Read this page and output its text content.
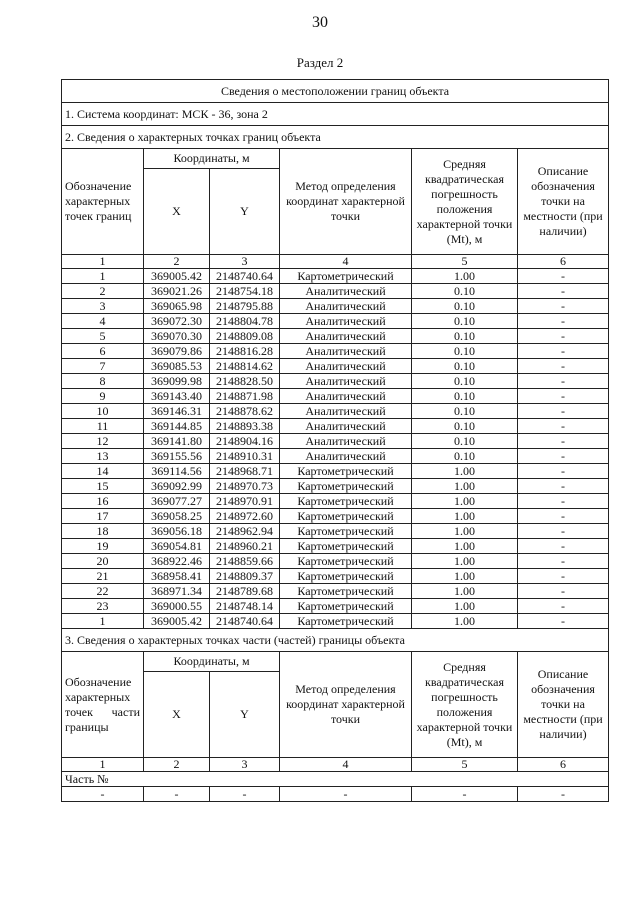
30
Раздел 2
Сведения о местоположении границ объекта					
1. Система координат: МСК - 36, зона 2					
2. Сведения о характерных точках границ объекта					
Обозначение характерных точек границ	Координаты, м		Метод определения координат характерной точки	Средняя квадратическая погрешность положения характерной точки (Mt), м	Описание обозначения точки на местности (при наличии)
	X	Y			
1	2	3	4	5	6
1	369005.42	2148740.64	Картометрический	1.00	-
2	369021.26	2148754.18	Аналитический	0.10	-
3	369065.98	2148795.88	Аналитический	0.10	-
4	369072.30	2148804.78	Аналитический	0.10	-
5	369070.30	2148809.08	Аналитический	0.10	-
6	369079.86	2148816.28	Аналитический	0.10	-
7	369085.53	2148814.62	Аналитический	0.10	-
8	369099.98	2148828.50	Аналитический	0.10	-
9	369143.40	2148871.98	Аналитический	0.10	-
10	369146.31	2148878.62	Аналитический	0.10	-
11	369144.85	2148893.38	Аналитический	0.10	-
12	369141.80	2148904.16	Аналитический	0.10	-
13	369155.56	2148910.31	Аналитический	0.10	-
14	369114.56	2148968.71	Картометрический	1.00	-
15	369092.99	2148970.73	Картометрический	1.00	-
16	369077.27	2148970.91	Картометрический	1.00	-
17	369058.25	2148972.60	Картометрический	1.00	-
18	369056.18	2148962.94	Картометрический	1.00	-
19	369054.81	2148960.21	Картометрический	1.00	-
20	368922.46	2148859.66	Картометрический	1.00	-
21	368958.41	2148809.37	Картометрический	1.00	-
22	368971.34	2148789.68	Картометрический	1.00	-
23	369000.55	2148748.14	Картометрический	1.00	-
1	369005.42	2148740.64	Картометрический	1.00	-
3. Сведения о характерных точках части (частей) границы объекта					
Обозначение характерных точек части границы	Координаты, м		Метод определения координат характерной точки	Средняя квадратическая погрешность положения характерной точки (Mt), м	Описание обозначения точки на местности (при наличии)
	X	Y			
1	2	3	4	5	6
Часть №					
-	-	-	-	-	-
